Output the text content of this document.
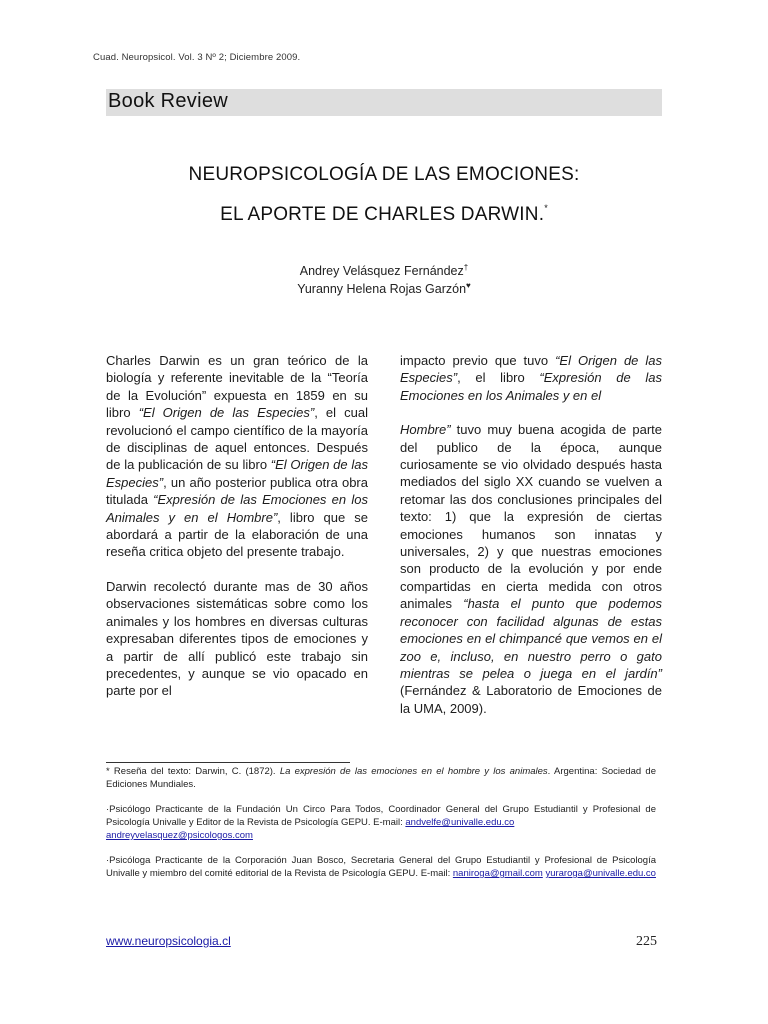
Cuad. Neuropsicol. Vol. 3 Nº 2; Diciembre 2009.
Book Review
NEUROPSICOLOGÍA DE LAS EMOCIONES:
EL APORTE DE CHARLES DARWIN.*
Andrey Velásquez Fernández†
Yuranny Helena Rojas Garzón♥

Charles Darwin es un gran teórico de la biología y referente inevitable de la “Teoría de la Evolución” expuesta en 1859 en su libro “El Origen de las Especies”, el cual revolucionó el campo científico de la mayoría de disciplinas de aquel entonces. Después de la publicación de su libro “El Origen de las Especies”, un año posterior publica otra obra titulada “Expresión de las Emociones en los Animales y en el Hombre”, libro que se abordará a partir de la elaboración de una reseña critica objeto del presente trabajo.

Darwin recolectó durante mas de 30 años observaciones sistemáticas sobre como los animales y los hombres en diversas culturas expresaban diferentes tipos de emociones y a partir de allí publicó este trabajo sin precedentes, y aunque se vio opacado en parte por el

impacto previo que tuvo “El Origen de las Especies”, el libro “Expresión de las Emociones en los Animales y en el

Hombre” tuvo muy buena acogida de parte del publico de la época, aunque curiosamente se vio olvidado después hasta mediados del siglo XX cuando se vuelven a retomar las dos conclusiones principales del texto: 1) que la expresión de ciertas emociones humanos son innatas y universales, 2) y que nuestras emociones son producto de la evolución y por ende compartidas en cierta medida con otros animales “hasta el punto que podemos reconocer con facilidad algunas de estas emociones en el chimpancé que vemos en el zoo e, incluso, en nuestro perro o gato mientras se pelea o juega en el jardín” (Fernández & Laboratorio de Emociones de la UMA, 2009).

* Reseña del texto: Darwin, C. (1872). La expresión de las emociones en el hombre y los animales. Argentina: Sociedad de Ediciones Mundiales.

·Psicólogo Practicante de la Fundación Un Circo Para Todos, Coordinador General del Grupo Estudiantil y Profesional de Psicología Univalle y Editor de la Revista de Psicología GEPU. E-mail: andvelfe@univalle.edu.co
andreyvelasquez@psicologos.com

·Psicóloga Practicante de la Corporación Juan Bosco, Secretaria General del Grupo Estudiantil y Profesional de Psicología Univalle y miembro del comité editorial de la Revista de Psicología GEPU. E-mail: naniroga@gmail.com yuraroga@univalle.edu.co

www.neuropsicologia.cl	225
